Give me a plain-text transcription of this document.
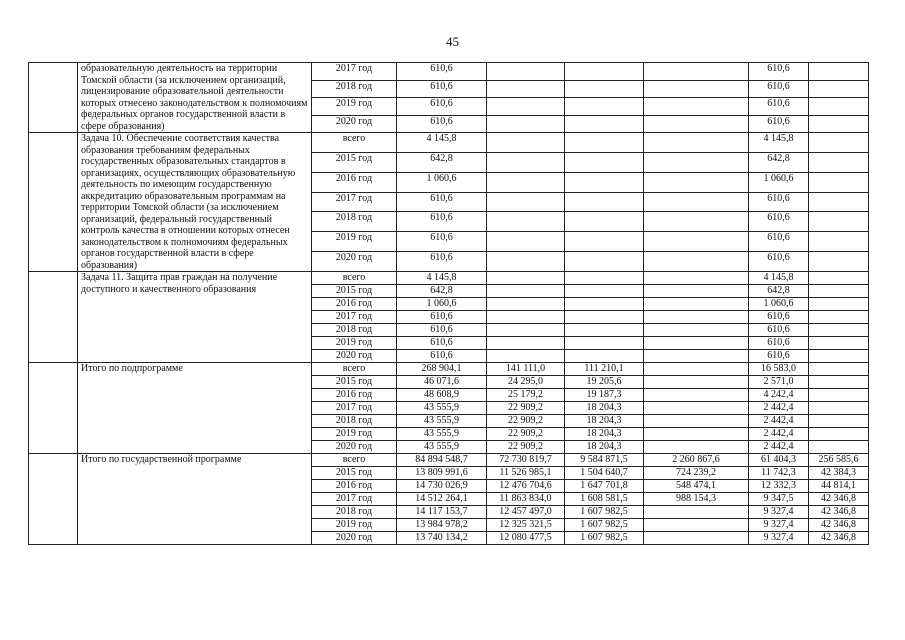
45
	образовательную деятельность на территории Томской области (за исключением организаций, лицензирование образовательной деятельности которых отнесено законодательством к полномочиям федеральных органов государственной власти в сфере образования)	2017 год	610,6				610,6	
		2018 год	610,6				610,6	
		2019 год	610,6				610,6	
		2020 год	610,6				610,6	
	Задача 10. Обеспечение соответствия качества образования требованиям федеральных государственных образовательных стандартов в организациях, осуществляющих образовательную деятельность по имеющим государственную аккредитацию образовательным программам на территории Томской области (за исключением организаций, федеральный государственный контроль качества в отношении которых отнесен законодательством к полномочиям федеральных органов государственной власти в сфере образования)	всего	4 145,8				4 145,8	
		2015 год	642,8				642,8	
		2016 год	1 060,6				1 060,6	
		2017 год	610,6				610,6	
		2018 год	610,6				610,6	
		2019 год	610,6				610,6	
		2020 год	610,6				610,6	
	Задача 11. Защита прав граждан на получение доступного и качественного образования	всего	4 145,8				4 145,8	
		2015 год	642,8				642,8	
		2016 год	1 060,6				1 060,6	
		2017 год	610,6				610,6	
		2018 год	610,6				610,6	
		2019 год	610,6				610,6	
		2020 год	610,6				610,6	
	Итого по подпрограмме	всего	268 904,1	141 111,0	111 210,1		16 583,0	
		2015 год	46 071,6	24 295,0	19 205,6		2 571,0	
		2016 год	48 608,9	25 179,2	19 187,3		4 242,4	
		2017 год	43 555,9	22 909,2	18 204,3		2 442,4	
		2018 год	43 555,9	22 909,2	18 204,3		2 442,4	
		2019 год	43 555,9	22 909,2	18 204,3		2 442,4	
		2020 год	43 555,9	22 909,2	18 204,3		2 442,4	
	Итого по государственной программе	всего	84 894 548,7	72 730 819,7	9 584 871,5	2 260 867,6	61 404,3	256 585,6
		2015 год	13 809 991,6	11 526 985,1	1 504 640,7	724 239,2	11 742,3	42 384,3
		2016 год	14 730 026,9	12 476 704,6	1 647 701,8	548 474,1	12 332,3	44 814,1
		2017 год	14 512 264,1	11 863 834,0	1 608 581,5	988 154,3	9 347,5	42 346,8
		2018 год	14 117 153,7	12 457 497,0	1 607 982,5		9 327,4	42 346,8
		2019 год	13 984 978,2	12 325 321,5	1 607 982,5		9 327,4	42 346,8
		2020 год	13 740 134,2	12 080 477,5	1 607 982,5		9 327,4	42 346,8
